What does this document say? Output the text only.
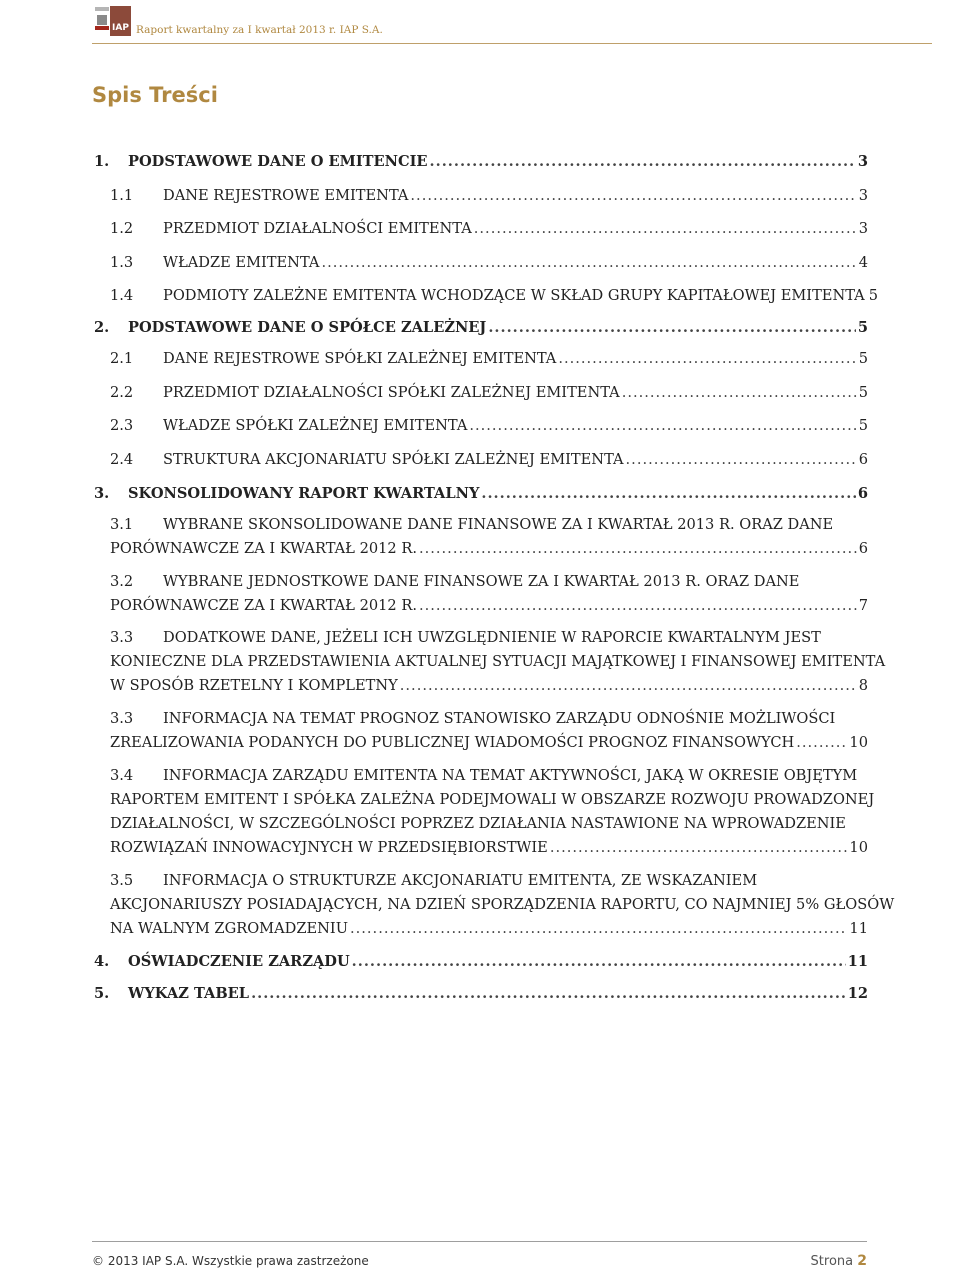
IAP Raport kwartalny za I kwartał 2013 r. IAP S.A.
Spis Treści
1. PODSTAWOWE DANE O EMITENCIE .....	3
1.1 DANE REJESTROWE EMITENTA .....	3
1.2 PRZEDMIOT DZIAŁALNOŚCI EMITENTA .....	3
1.3 WŁADZE EMITENTA .....	4
1.4 PODMIOTY ZALEŻNE EMITENTA WCHODZĄCE W SKŁAD GRUPY KAPITAŁOWEJ EMITENTA 5
2. PODSTAWOWE DANE O SPÓŁCE ZALEŻNEJ .....	5
2.1 DANE REJESTROWE SPÓŁKI ZALEŻNEJ EMITENTA .....	5
2.2 PRZEDMIOT DZIAŁALNOŚCI SPÓŁKI ZALEŻNEJ EMITENTA .....	5
2.3 WŁADZE SPÓŁKI ZALEŻNEJ EMITENTA .....	5
2.4 STRUKTURA AKCJONARIATU SPÓŁKI ZALEŻNEJ EMITENTA .....	6
3. SKONSOLIDOWANY RAPORT KWARTALNY .....	6
3.1 WYBRANE SKONSOLIDOWANE DANE FINANSOWE ZA I KWARTAŁ 2013 R. ORAZ DANE
PORÓWNAWCZE ZA I KWARTAŁ 2012 R. .....	6
3.2 WYBRANE JEDNOSTKOWE DANE FINANSOWE ZA I KWARTAŁ 2013 R. ORAZ DANE
PORÓWNAWCZE ZA I KWARTAŁ 2012 R. .....	7
3.3 DODATKOWE DANE, JEŻELI ICH UWZGLĘDNIENIE W RAPORCIE KWARTALNYM JEST
KONIECZNE DLA PRZEDSTAWIENIA AKTUALNEJ SYTUACJI MAJĄTKOWEJ I FINANSOWEJ EMITENTA
W SPOSÓB RZETELNY I KOMPLETNY .....	8
3.3 INFORMACJA NA TEMAT PROGNOZ STANOWISKO ZARZĄDU ODNOŚNIE MOŻLIWOŚCI
ZREALIZOWANIA PODANYCH DO PUBLICZNEJ WIADOMOŚCI PROGNOZ FINANSOWYCH .....	10
3.4 INFORMACJA ZARZĄDU EMITENTA NA TEMAT AKTYWNOŚCI, JAKĄ W OKRESIE OBJĘTYM
RAPORTEM EMITENT I SPÓŁKA ZALEŻNA PODEJMOWALI W OBSZARZE ROZWOJU PROWADZONEJ
DZIAŁALNOŚCI, W SZCZEGÓLNOŚCI POPRZEZ DZIAŁANIA NASTAWIONE NA WPROWADZENIE
ROZWIĄZAŃ INNOWACYJNYCH W PRZEDSIĘBIORSTWIE .....	10
3.5 INFORMACJA O STRUKTURZE AKCJONARIATU EMITENTA, ZE WSKAZANIEM
AKCJONARIUSZY POSIADAJĄCYCH, NA DZIEŃ SPORZĄDZENIA RAPORTU, CO NAJMNIEJ 5% GŁOSÓW
NA WALNYM ZGROMADZENIU .....	11
4. OŚWIADCZENIE ZARZĄDU .....	11
5. WYKAZ TABEL .....	12
© 2013 IAP S.A. Wszystkie prawa zastrzeżone	Strona 2
